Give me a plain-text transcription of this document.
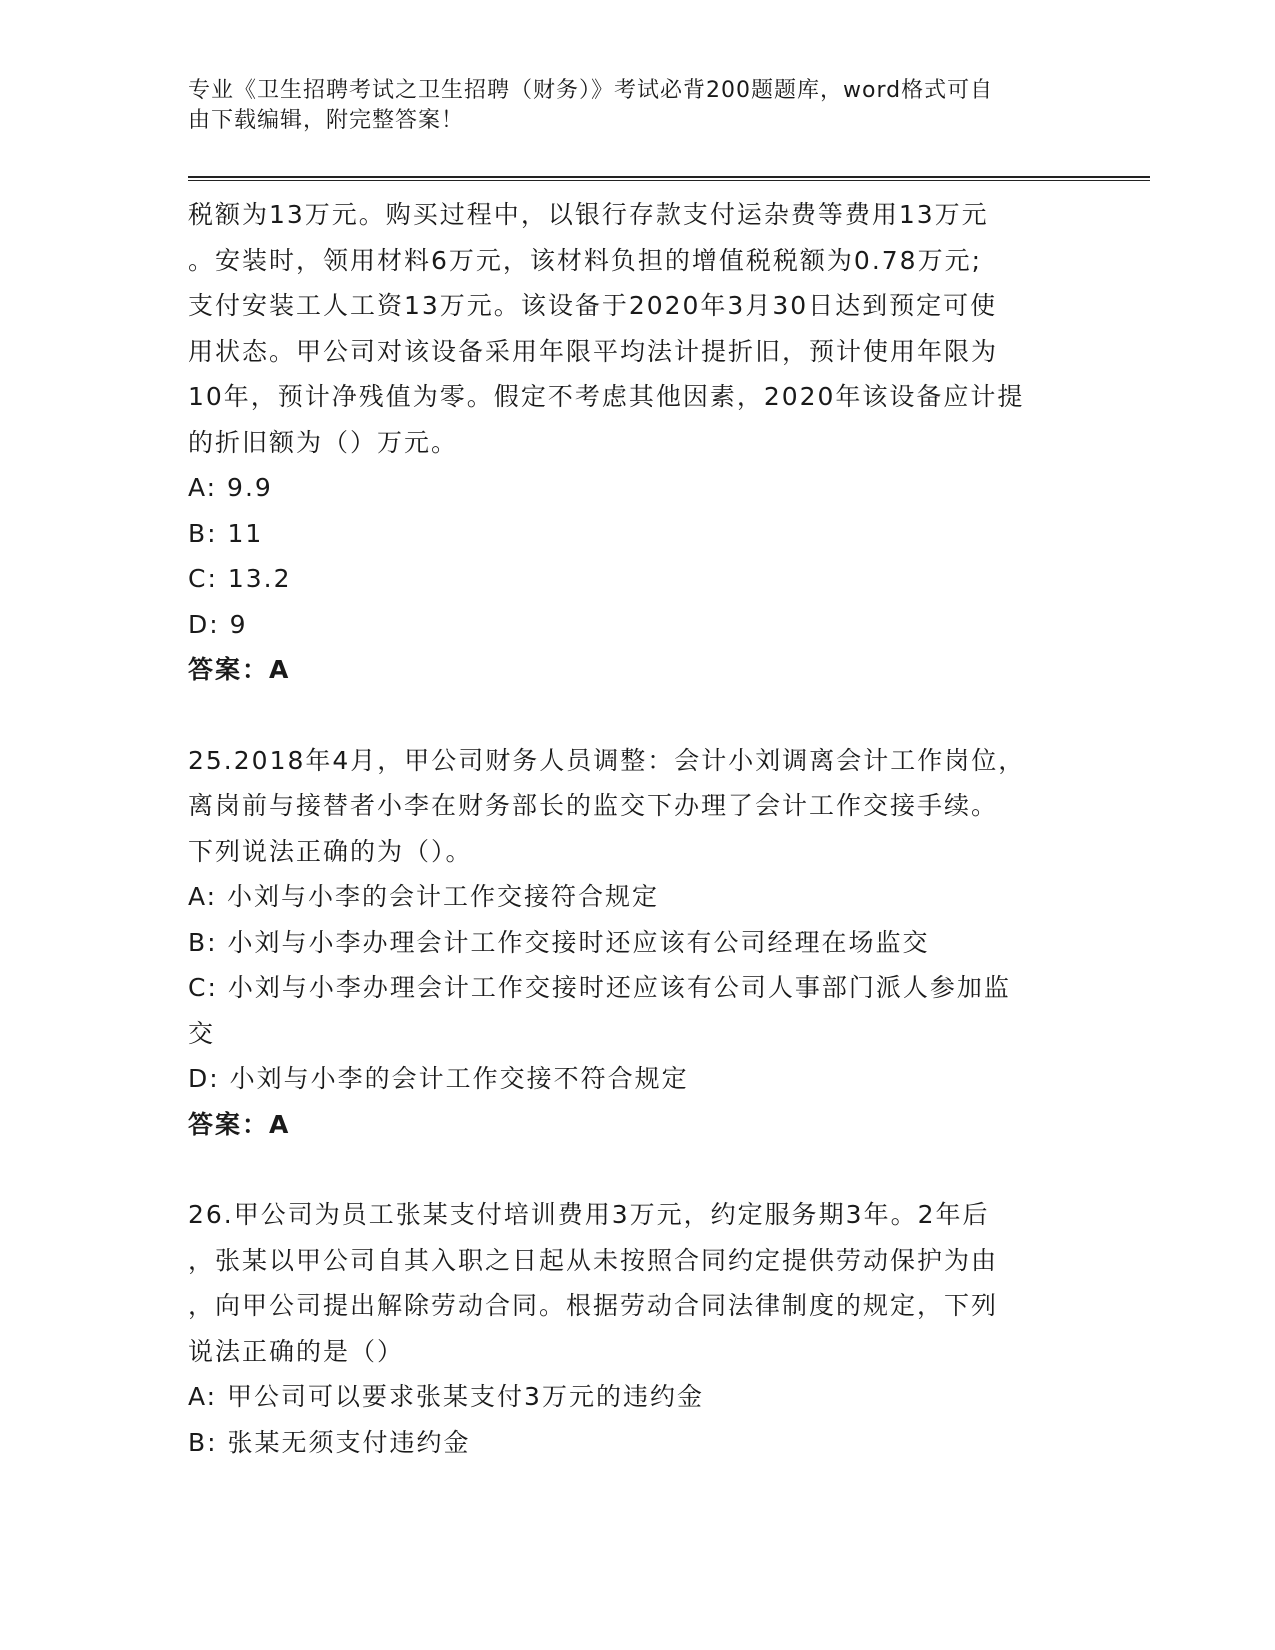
专业《卫生招聘考试之卫生招聘（财务）》考试必背200题题库，word格式可自
由下载编辑，附完整答案！

税额为13万元。购买过程中，以银行存款支付运杂费等费用13万元

。安装时，领用材料6万元，该材料负担的增值税税额为0.78万元;

支付安装工人工资13万元。该设备于2020年3月30日达到预定可使

用状态。甲公司对该设备采用年限平均法计提折旧，预计使用年限为

10年，预计净残值为零。假定不考虑其他因素，2020年该设备应计提

的折旧额为（）万元。

A: 9.9

B: 11

C: 13.2

D: 9

答案：A

25.2018年4月，甲公司财务人员调整：会计小刘调离会计工作岗位，

离岗前与接替者小李在财务部长的监交下办理了会计工作交接手续。

下列说法正确的为（）。

A: 小刘与小李的会计工作交接符合规定

B: 小刘与小李办理会计工作交接时还应该有公司经理在场监交

C: 小刘与小李办理会计工作交接时还应该有公司人事部门派人参加监

交

D: 小刘与小李的会计工作交接不符合规定

答案：A

26.甲公司为员工张某支付培训费用3万元，约定服务期3年。2年后

，张某以甲公司自其入职之日起从未按照合同约定提供劳动保护为由

，向甲公司提出解除劳动合同。根据劳动合同法律制度的规定，下列

说法正确的是（）

A: 甲公司可以要求张某支付3万元的违约金

B: 张某无须支付违约金
